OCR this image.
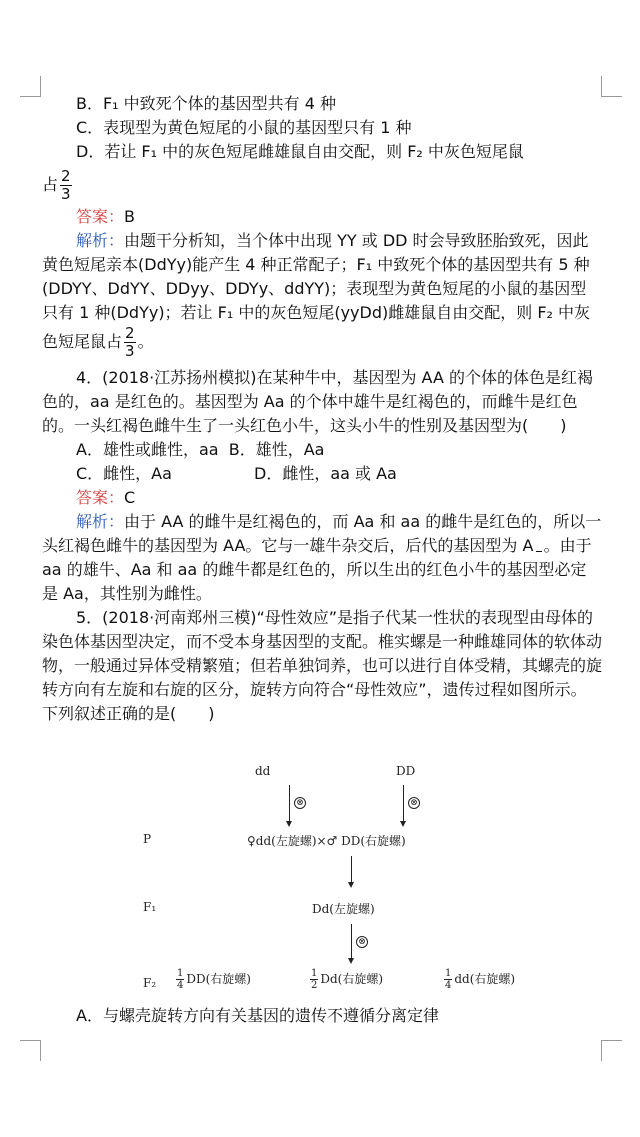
B．F₁ 中致死个体的基因型共有 4 种

C．表现型为黄色短尾的小鼠的基因型只有 1 种

D．若让 F₁ 中的灰色短尾雌雄鼠自由交配，则 F₂ 中灰色短尾鼠

占 $\frac{2}{3}$

答案：B

解析：由题干分析知，当个体中出现 YY 或 DD 时会导致胚胎致死，因此黄色短尾亲本(DdYy)能产生 4 种正常配子；F₁ 中致死个体的基因型共有 5 种(DDYY、DdYY、DDyy、DDYy、ddYY)；表现型为黄色短尾的小鼠的基因型只有 1 种(DdYy)；若让 F₁ 中的灰色短尾(yyDd)雌雄鼠自由交配，则 F₂ 中灰色短尾鼠占 $\frac{2}{3}$ 。

4．(2018·江苏扬州模拟)在某种牛中，基因型为 AA 的个体的体色是红褐色的，aa 是红色的。基因型为 Aa 的个体中雄牛是红褐色的，而雌牛是红色的。一头红褐色雌牛生了一头红色小牛，这头小牛的性别及基因型为(　　)

A．雄性或雌性，aa B．雄性，Aa

C．雌性，Aa	D．雌性，aa 或 Aa

答案：C

解析：由于 AA 的雌牛是红褐色的，而 Aa 和 aa 的雌牛是红色的，所以一头红褐色雌牛的基因型为 AA。它与一雄牛杂交后，后代的基因型为 A 。由于 aa 的雄牛、Aa 和 aa 的雌牛都是红色的，所以生出的红色小牛的基因型必定是 Aa，其性别为雌性。

5．(2018·河南郑州三模)“母性效应”是指子代某一性状的表现型由母体的染色体基因型决定，而不受本身基因型的支配。椎实螺是一种雌雄同体的软体动物，一般通过异体受精繁殖；但若单独饲养，也可以进行自体受精，其螺壳的旋转方向有左旋和右旋的区分，旋转方向符合“母性效应”，遗传过程如图所示。下列叙述正确的是(　　)

dd	DD
⊗	⊗
P	♀dd(左旋螺)×♂ DD(右旋螺)
F₁	Dd(左旋螺)
⊗
$F_2 \frac{1}{4} DD$(右旋螺)	$\frac{1}{2} Dd$(右旋螺)	$\frac{1}{4} dd$(右旋螺)

A．与螺壳旋转方向有关基因的遗传不遵循分离定律
